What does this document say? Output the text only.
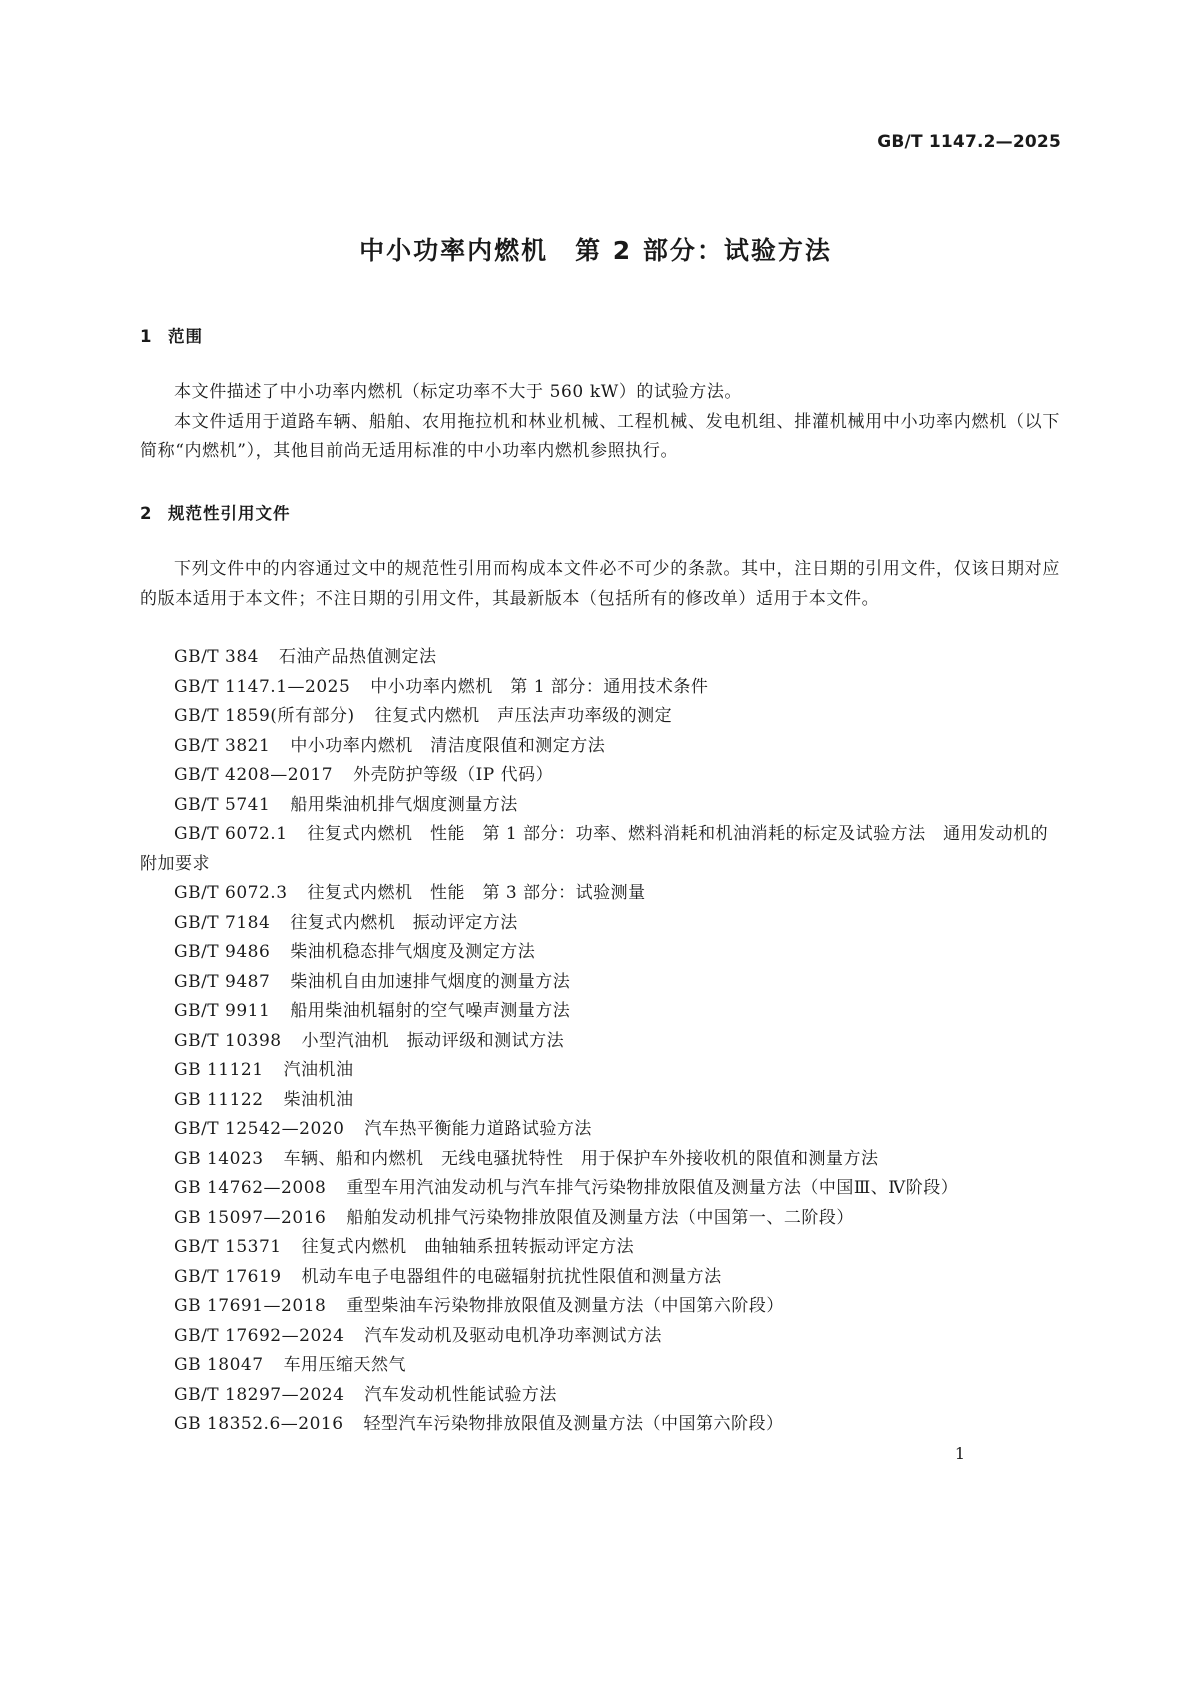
GB/T 1147.2—2025
中小功率内燃机　第 2 部分：试验方法
1 范围

本文件描述了中小功率内燃机（标定功率不大于 560 kW）的试验方法。

本文件适用于道路车辆、船舶、农用拖拉机和林业机械、工程机械、发电机组、排灌机械用中小功率内燃机（以下简称“内燃机”），其他目前尚无适用标准的中小功率内燃机参照执行。

2 规范性引用文件

下列文件中的内容通过文中的规范性引用而构成本文件必不可少的条款。其中，注日期的引用文件，仅该日期对应的版本适用于本文件；不注日期的引用文件，其最新版本（包括所有的修改单）适用于本文件。

GB/T 384 石油产品热值测定法

GB/T 1147.1—2025 中小功率内燃机　第 1 部分：通用技术条件

GB/T 1859(所有部分) 往复式内燃机　声压法声功率级的测定

GB/T 3821 中小功率内燃机　清洁度限值和测定方法

GB/T 4208—2017 外壳防护等级（IP 代码）

GB/T 5741 船用柴油机排气烟度测量方法

GB/T 6072.1 往复式内燃机　性能　第 1 部分：功率、燃料消耗和机油消耗的标定及试验方法　通用发动机的附加要求

GB/T 6072.3 往复式内燃机　性能　第 3 部分：试验测量

GB/T 7184 往复式内燃机　振动评定方法

GB/T 9486 柴油机稳态排气烟度及测定方法

GB/T 9487 柴油机自由加速排气烟度的测量方法

GB/T 9911 船用柴油机辐射的空气噪声测量方法

GB/T 10398 小型汽油机　振动评级和测试方法

GB 11121 汽油机油

GB 11122 柴油机油

GB/T 12542—2020 汽车热平衡能力道路试验方法

GB 14023 车辆、船和内燃机　无线电骚扰特性　用于保护车外接收机的限值和测量方法

GB 14762—2008 重型车用汽油发动机与汽车排气污染物排放限值及测量方法（中国Ⅲ、Ⅳ阶段）

GB 15097—2016 船舶发动机排气污染物排放限值及测量方法（中国第一、二阶段）

GB/T 15371 往复式内燃机　曲轴轴系扭转振动评定方法

GB/T 17619 机动车电子电器组件的电磁辐射抗扰性限值和测量方法

GB 17691—2018 重型柴油车污染物排放限值及测量方法（中国第六阶段）

GB/T 17692—2024 汽车发动机及驱动电机净功率测试方法

GB 18047 车用压缩天然气

GB/T 18297—2024 汽车发动机性能试验方法

GB 18352.6—2016 轻型汽车污染物排放限值及测量方法（中国第六阶段）

1
